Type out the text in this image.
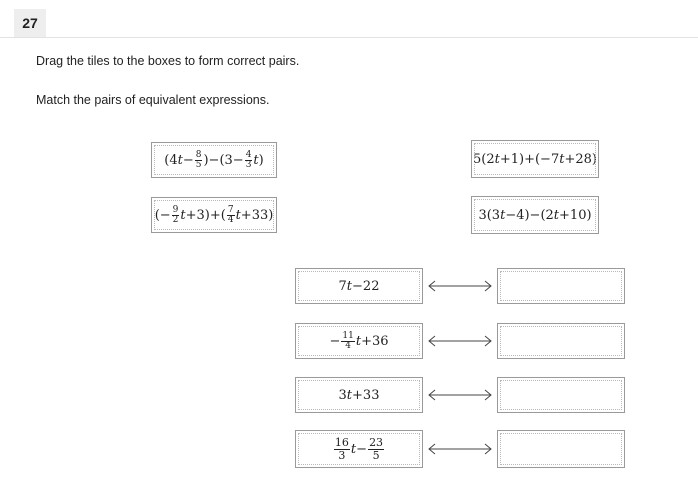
27
Drag the tiles to the boxes to form correct pairs.
Match the pairs of equivalent expressions.
$(4t- \frac{8}{5} )-(3- \frac{4}{3} t)$	5(2t+1)+(−7t+28)
(− $\frac{9}{2} t+3)+( \frac{7}{4} t+33)$	3(3t−4)−(2t+10)
7t−22
− $\frac{11}{4} t+36$
3t+33
$\frac{16}{3} t- \frac{23}{5}$
